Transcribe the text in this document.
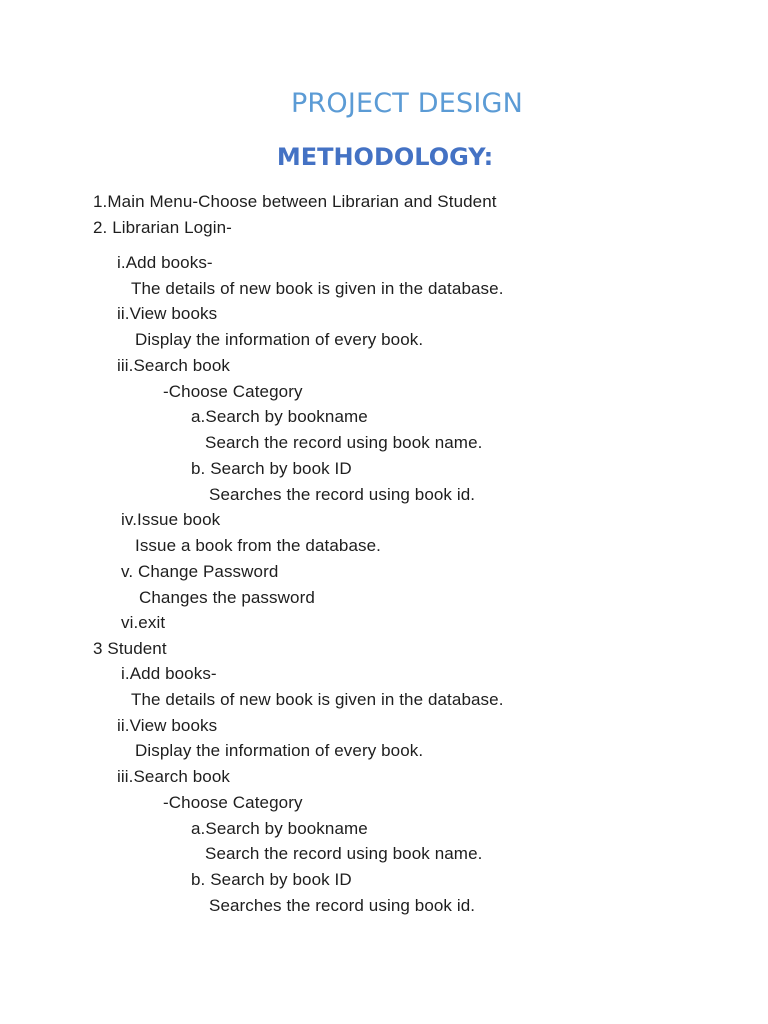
PROJECT DESIGN
METHODOLOGY:

1.Main Menu-Choose between Librarian and Student

2. Librarian Login-

i.Add books-

The details of new book is given in the database.

ii.View books

Display the information of every book.

iii.Search book

-Choose Category

a.Search by bookname

Search the record using book name.

b. Search by book ID

Searches the record using book id.

iv.Issue book

Issue a book from the database.

v. Change Password

Changes the password

vi.exit

3 Student

i.Add books-

The details of new book is given in the database.

ii.View books

Display the information of every book.

iii.Search book

-Choose Category

a.Search by bookname

Search the record using book name.

b. Search by book ID

Searches the record using book id.
